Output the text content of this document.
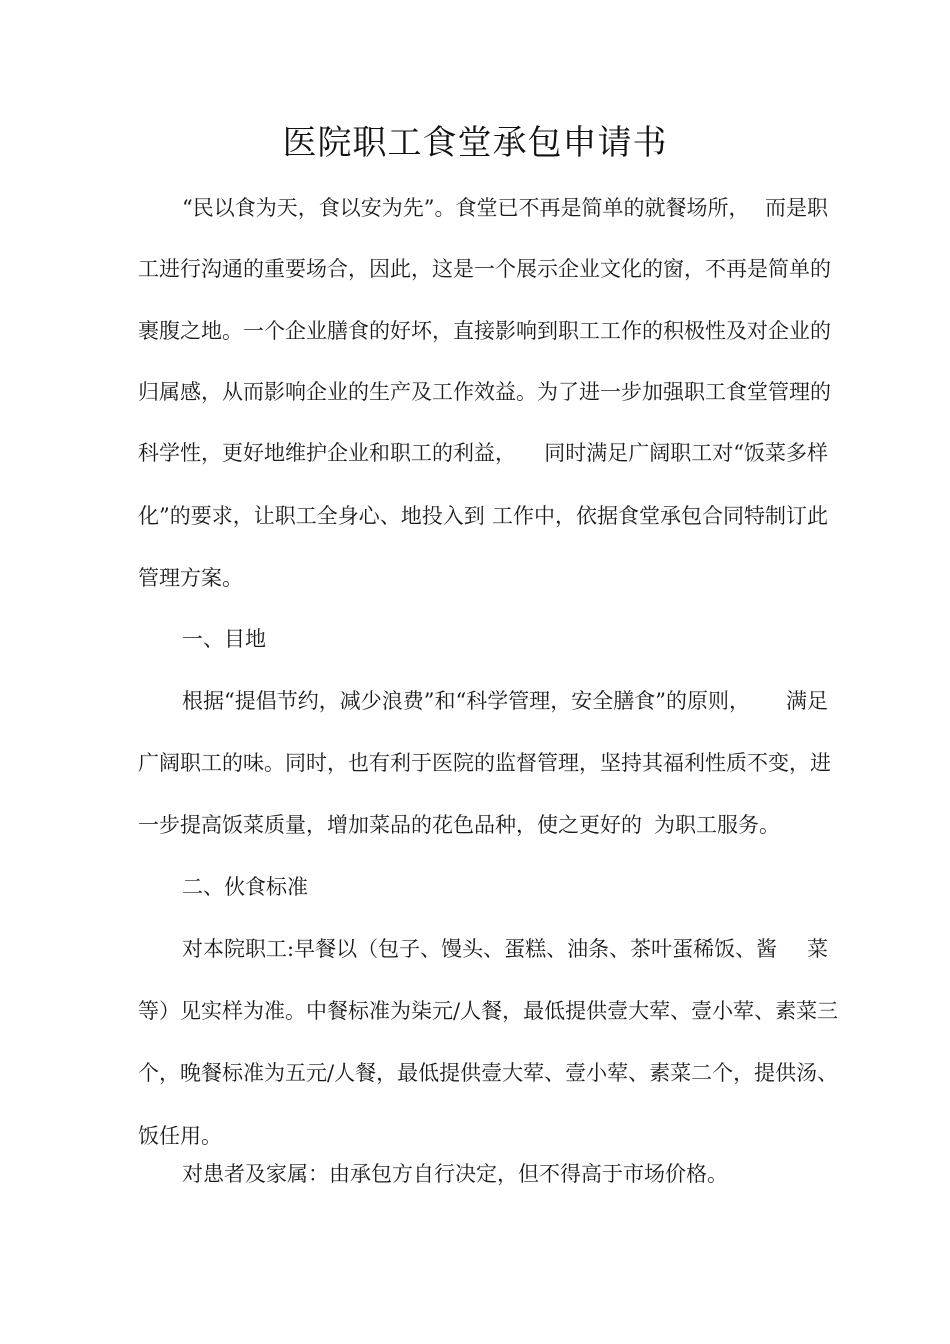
医院职工食堂承包申请书
“民以食为天，食以安为先”。食堂已不再是简单的就餐场所， 而是职
工进行沟通的重要场合，因此，这是一个展示企业文化的窗， 不再是简单的
裹腹之地。一个企业膳食的好坏，直接影响到职工工作 的积极性及对企业的
归属感，从而影响企业的生产及工作效益。为了 进一步加强职工食堂管理的
科学性，更好地维护企业和职工的利益， 同时满足广阔职工对“饭菜多样
化”的要求，让职工全身心、地投入到 工作中，依据食堂承包合同特制订此
管理方案。
一、目地
根据“提倡节约，减少浪费”和“科学管理，安全膳食”的原则， 满足
广阔职工的味。同时，也有利于医院的监督管理，坚持其福利 性质不变，进
一步提高饭菜质量，增加菜品的花色品种，使之更好的 为职工服务。
二、伙食标准
对本院职工:早餐以（包子、馒头、蛋糕、油条、茶叶蛋稀饭、酱 菜
等）见实样为准。中餐标准为柒元/人餐，最低提供壹大荤、壹小荤、 素菜三
个，晚餐标准为五元/人餐，最低提供壹大荤、壹小荤、素菜 二个，提供汤、
饭任用。
对患者及家属：由承包方自行决定，但不得高于市场价格。
